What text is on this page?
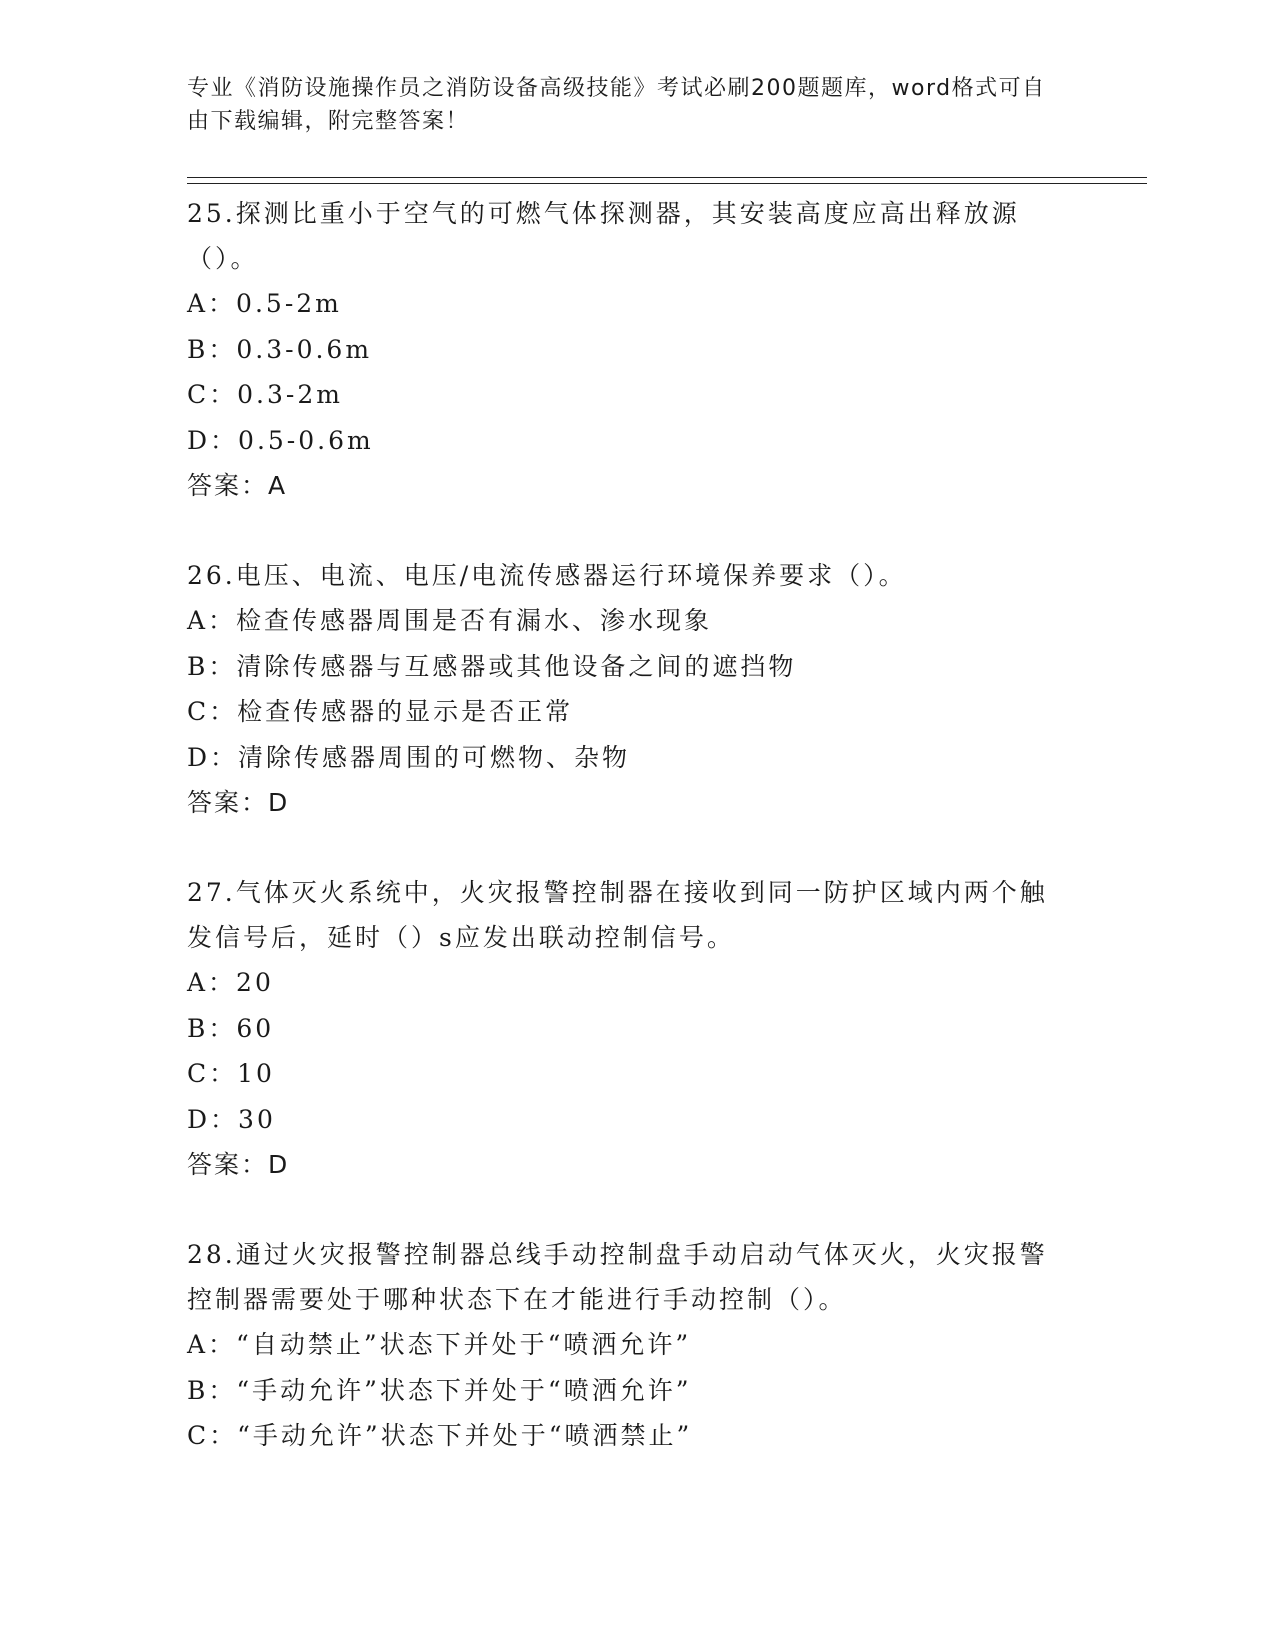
专业《消防设施操作员之消防设备高级技能》考试必刷200题题库，word格式可自由下载编辑，附完整答案！

25.探测比重小于空气的可燃气体探测器，其安装高度应高出释放源（）。

A：0.5-2m

B：0.3-0.6m

C：0.3-2m

D：0.5-0.6m

答案：A

26.电压、电流、电压/电流传感器运行环境保养要求（）。

A：检查传感器周围是否有漏水、渗水现象

B：清除传感器与互感器或其他设备之间的遮挡物

C：检查传感器的显示是否正常

D：清除传感器周围的可燃物、杂物

答案：D

27.气体灭火系统中，火灾报警控制器在接收到同一防护区域内两个触发信号后，延时（）s应发出联动控制信号。

A：20

B：60

C：10

D：30

答案：D

28.通过火灾报警控制器总线手动控制盘手动启动气体灭火，火灾报警控制器需要处于哪种状态下在才能进行手动控制（）。

A：“自动禁止”状态下并处于“喷洒允许”

B：“手动允许”状态下并处于“喷洒允许”

C：“手动允许”状态下并处于“喷洒禁止”
